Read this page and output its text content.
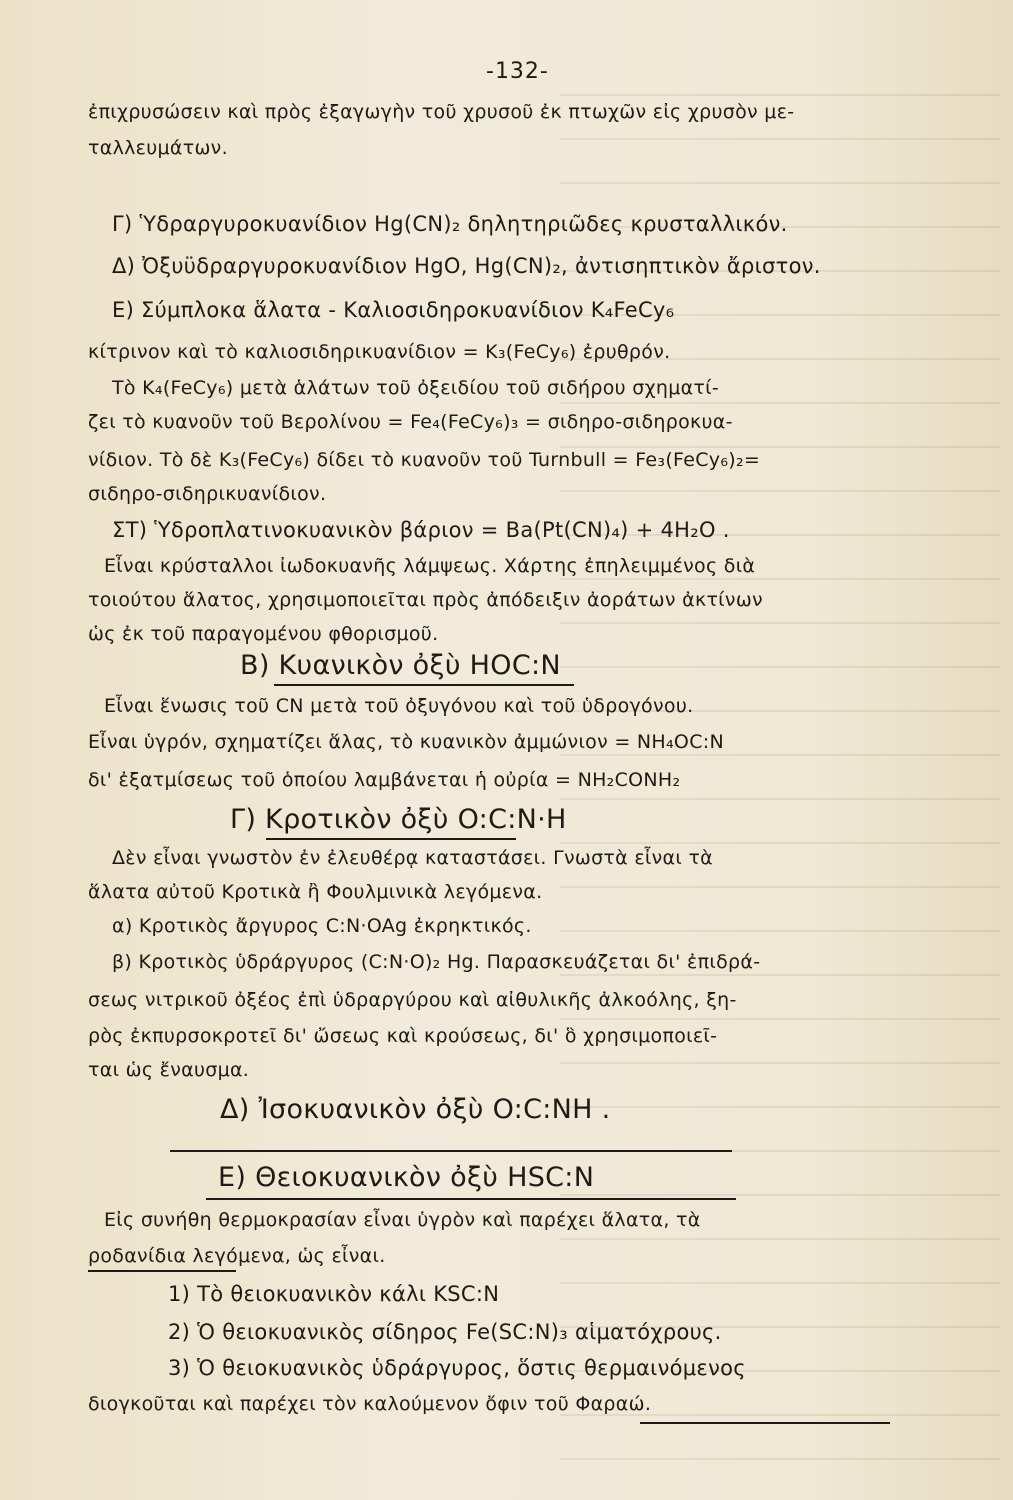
-132-
ἐπιχρυσώσειν καὶ πρὸς ἐξαγωγὴν τοῦ χρυσοῦ ἐκ πτωχῶν εἰς χρυσὸν με-
ταλλευμάτων.
Γ) Ὑδραργυροκυανίδιον Hg(CN)₂ δηλητηριῶδες κρυσταλλικόν.
Δ) Ὀξυϋδραργυροκυανίδιον HgO, Hg(CN)₂, ἀντισηπτικὸν ἄριστον.
Ε) Σύμπλοκα ἅλατα - Καλιοσιδηροκυανίδιον K₄FeCy₆
κίτρινον καὶ τὸ καλιοσιδηρικυανίδιον = K₃(FeCy₆) ἐρυθρόν.
Τὸ K₄(FeCy₆) μετὰ ἁλάτων τοῦ ὀξειδίου τοῦ σιδήρου σχηματί-
ζει τὸ κυανοῦν τοῦ Βερολίνου = Fe₄(FeCy₆)₃ = σιδηρο-σιδηροκυα-
νίδιον. Τὸ δὲ K₃(FeCy₆) δίδει τὸ κυανοῦν τοῦ Turnbull = Fe₃(FeCy₆)₂=
σιδηρο-σιδηρικυανίδιον.
ΣΤ) Ὑδροπλατινοκυανικὸν βάριον = Ba(Pt(CN)₄) + 4H₂O .
Εἶναι κρύσταλλοι ἰωδοκυανῆς λάμψεως. Χάρτης ἐπηλειμμένος διὰ
τοιούτου ἅλατος, χρησιμοποιεῖται πρὸς ἀπόδειξιν ἀοράτων ἀκτίνων
ὡς ἐκ τοῦ παραγομένου φθορισμοῦ.
Β) Κυανικὸν ὀξὺ HOC:N
Εἶναι ἕνωσις τοῦ CN μετὰ τοῦ ὀξυγόνου καὶ τοῦ ὑδρογόνου.
Εἶναι ὑγρόν, σχηματίζει ἅλας, τὸ κυανικὸν ἀμμώνιον = NH₄OC:N
δι' ἐξατμίσεως τοῦ ὁποίου λαμβάνεται ἡ οὐρία = NH₂CONH₂
Γ) Κροτικὸν ὀξὺ O:C:N·H
Δὲν εἶναι γνωστὸν ἐν ἐλευθέρᾳ καταστάσει. Γνωστὰ εἶναι τὰ
ἅλατα αὐτοῦ Κροτικὰ ἢ Φουλμινικὰ λεγόμενα.
α) Κροτικὸς ἄργυρος C:N·OAg ἐκρηκτικός.
β) Κροτικὸς ὑδράργυρος (C:N·O)₂ Hg. Παρασκευάζεται δι' ἐπιδρά-
σεως νιτρικοῦ ὀξέος ἐπὶ ὑδραργύρου καὶ αἰθυλικῆς ἀλκοόλης, ξη-
ρὸς ἐκπυρσοκροτεῖ δι' ὤσεως καὶ κρούσεως, δι' ὃ χρησιμοποιεῖ-
ται ὡς ἔναυσμα.
Δ) Ἰσοκυανικὸν ὀξὺ O:C:NH .
Ε) Θειοκυανικὸν ὀξὺ HSC:N
Εἰς συνήθη θερμοκρασίαν εἶναι ὑγρὸν καὶ παρέχει ἅλατα, τὰ
ροδανίδια λεγόμενα, ὡς εἶναι.
1) Τὸ θειοκυανικὸν κάλι KSC:N
2) Ὁ θειοκυανικὸς σίδηρος Fe(SC:N)₃ αἱματόχρους.
3) Ὁ θειοκυανικὸς ὑδράργυρος, ὅστις θερμαινόμενος
διογκοῦται καὶ παρέχει τὸν καλούμενον ὄφιν τοῦ Φαραώ.
